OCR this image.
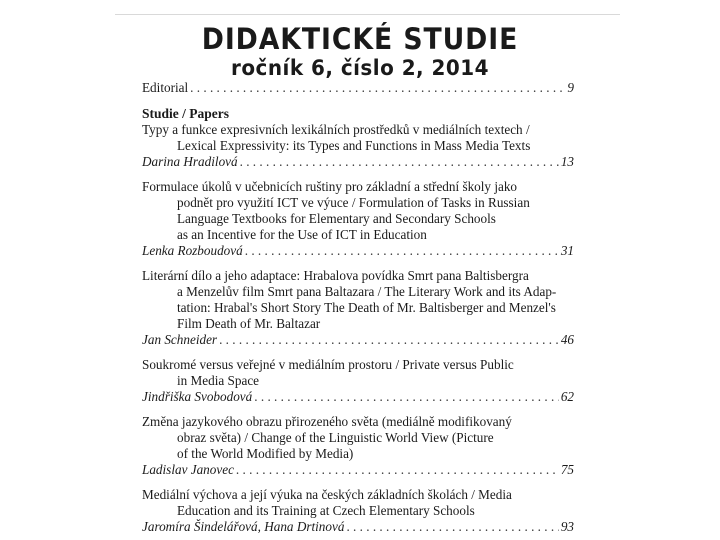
DIDAKTICKÉ STUDIE
ročník 6, číslo 2, 2014
Editorial . . .	9
Studie / Papers
Typy a funkce expresivních lexikálních prostředků v mediálních textech /
Lexical Expressivity: its Types and Functions in Mass Media Texts
Darina Hradilová . . .	13
Formulace úkolů v učebnicích ruštiny pro základní a střední školy jako
podnět pro využití ICT ve výuce / Formulation of Tasks in Russian
Language Textbooks for Elementary and Secondary Schools
as an Incentive for the Use of ICT in Education
Lenka Rozboudová . . .	31
Literární dílo a jeho adaptace: Hrabalova povídka Smrt pana Baltisbergra
a Menzelův film Smrt pana Baltazara / The Literary Work and its Adap-
tation: Hrabal's Short Story The Death of Mr. Baltisberger and Menzel's
Film Death of Mr. Baltazar
Jan Schneider . . .	46
Soukromé versus veřejné v mediálním prostoru / Private versus Public
in Media Space
Jindřiška Svobodová . . .	62
Změna jazykového obrazu přirozeného světa (mediálně modifikovaný
obraz světa) / Change of the Linguistic World View (Picture
of the World Modified by Media)
Ladislav Janovec . . .	75
Mediální výchova a její výuka na českých základních školách / Media
Education and its Training at Czech Elementary Schools
Jaromíra Šindelářová, Hana Drtinová . . .	93
